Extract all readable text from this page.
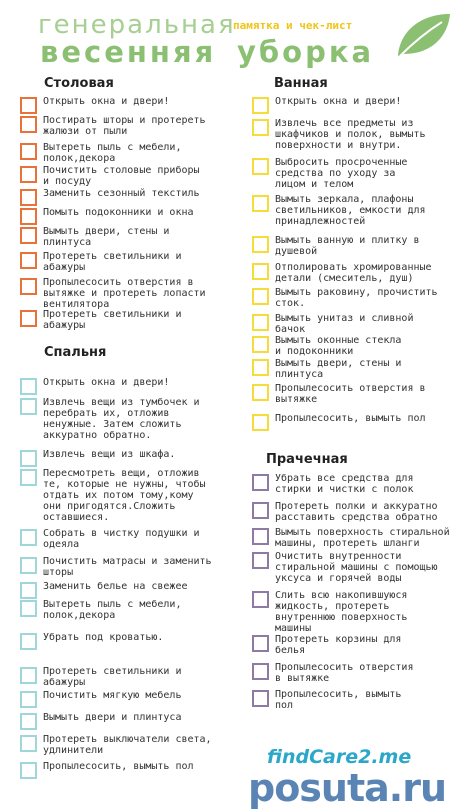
генеральная
памятка и чек-лист
весенняя уборка
Столовая	Ванная
Спальня
Прачечная
Открыть окна и двери!
Постирать шторы и протереть
жалюзи от пыли
Вытереть пыль с мебели,
полок,декора
Почистить столовые приборы
и посуду
Заменить сезонный текстиль
Помыть подоконники и окна
Вымыть двери, стены и
плинтуса
Протереть светильники и
абажуры
Пропылесосить отверстия в
вытяжке и протереть лопасти
вентилятора
Протереть светильники и
абажуры
Открыть окна и двери!
Извлечь все предметы из
шкафчиков и полок, вымыть
поверхности и внутри.
Выбросить просроченные
средства по уходу за
лицом и телом
Вымыть зеркала, плафоны
светильников, емкости для
принадлежностей
Вымыть ванную и плитку в
душевой
Отполировать хромированные
детали (смеситель, душ)
Вымыть раковину, прочистить
сток.
Вымыть унитаз и сливной
бачок
Вымыть оконные стекла
и подоконники
Вымыть двери, стены и
плинтуса
Пропылесосить отверстия в
вытяжке
Пропылесосить, вымыть пол
Открыть окна и двери!
Извлечь вещи из тумбочек и
перебрать их, отложив
ненужные. Затем сложить
аккуратно обратно.
Извлечь вещи из шкафа.
Пересмотреть вещи, отложив
те, которые не нужны, чтобы
отдать их потом тому,кому
они пригодятся.Сложить
оставшиеся.
Собрать в чистку подушки и
одеяла
Почистить матрасы и заменить
шторы
Заменить белье на свежее
Вытереть пыль с мебели,
полок,декора
Убрать под кроватью.
Протереть светильники и
абажуры
Почистить мягкую мебель
Вымыть двери и плинтуса
Протереть выключатели света,
удлинители
Пропылесосить, вымыть пол
Убрать все средства для
стирки и чистки с полок
Протереть полки и аккуратно
расставить средства обратно
Вымыть поверхность стиральной
машины, протереть шланги
Очистить внутренности
стиральной машины с помощью
уксуса и горячей воды
Слить всю накопившуюся
жидкость, протереть
внутреннюю поверхность
машины
Протереть корзины для
белья
Пропылесосить отверстия
в вытяжке
Пропылесосить, вымыть
пол
findCare2.me
posuta.ru
